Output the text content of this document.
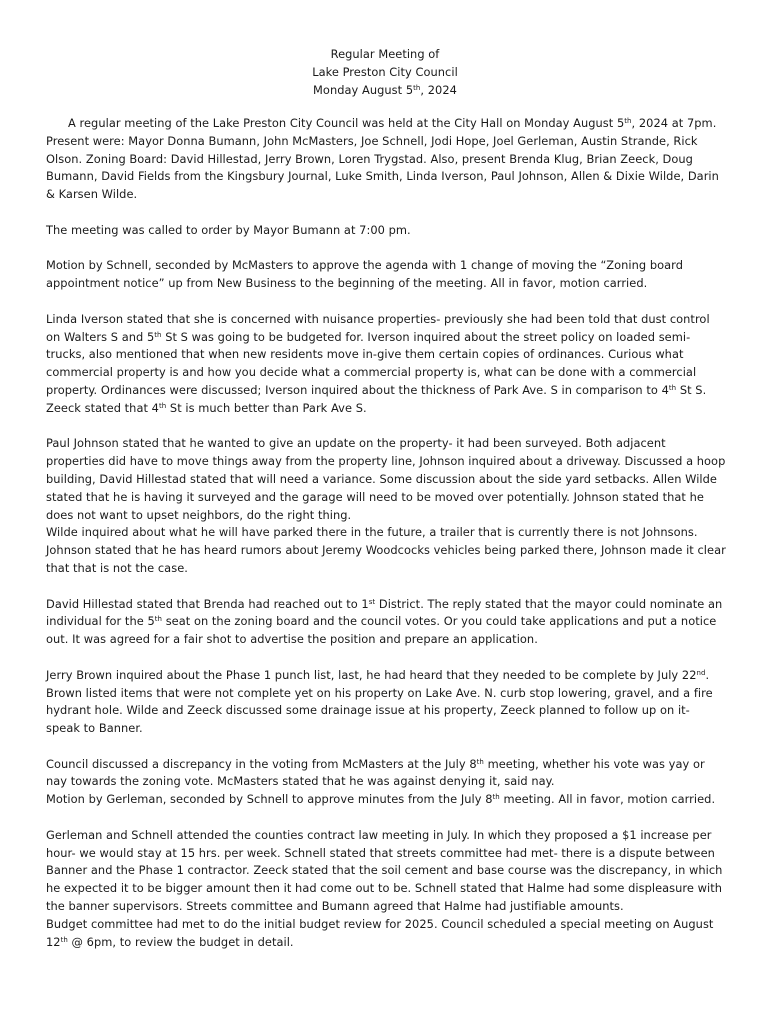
Regular Meeting of
Lake Preston City Council
Monday August 5th, 2024

A regular meeting of the Lake Preston City Council was held at the City Hall on Monday August 5th, 2024 at 7pm. Present were: Mayor Donna Bumann, John McMasters, Joe Schnell, Jodi Hope, Joel Gerleman, Austin Strande, Rick Olson. Zoning Board: David Hillestad, Jerry Brown, Loren Trygstad. Also, present Brenda Klug, Brian Zeeck, Doug Bumann, David Fields from the Kingsbury Journal, Luke Smith, Linda Iverson, Paul Johnson, Allen & Dixie Wilde, Darin & Karsen Wilde.

The meeting was called to order by Mayor Bumann at 7:00 pm.

Motion by Schnell, seconded by McMasters to approve the agenda with 1 change of moving the “Zoning board appointment notice” up from New Business to the beginning of the meeting. All in favor, motion carried.

Linda Iverson stated that she is concerned with nuisance properties- previously she had been told that dust control on Walters S and 5th St S was going to be budgeted for. Iverson inquired about the street policy on loaded semi-trucks, also mentioned that when new residents move in-give them certain copies of ordinances. Curious what commercial property is and how you decide what a commercial property is, what can be done with a commercial property. Ordinances were discussed; Iverson inquired about the thickness of Park Ave. S in comparison to 4th St S. Zeeck stated that 4th St is much better than Park Ave S.

Paul Johnson stated that he wanted to give an update on the property- it had been surveyed. Both adjacent properties did have to move things away from the property line, Johnson inquired about a driveway. Discussed a hoop building, David Hillestad stated that will need a variance. Some discussion about the side yard setbacks. Allen Wilde stated that he is having it surveyed and the garage will need to be moved over potentially. Johnson stated that he does not want to upset neighbors, do the right thing.

Wilde inquired about what he will have parked there in the future, a trailer that is currently there is not Johnsons. Johnson stated that he has heard rumors about Jeremy Woodcocks vehicles being parked there, Johnson made it clear that that is not the case.

David Hillestad stated that Brenda had reached out to 1st District. The reply stated that the mayor could nominate an individual for the 5th seat on the zoning board and the council votes. Or you could take applications and put a notice out. It was agreed for a fair shot to advertise the position and prepare an application.

Jerry Brown inquired about the Phase 1 punch list, last, he had heard that they needed to be complete by July 22nd. Brown listed items that were not complete yet on his property on Lake Ave. N. curb stop lowering, gravel, and a fire hydrant hole. Wilde and Zeeck discussed some drainage issue at his property, Zeeck planned to follow up on it- speak to Banner.

Council discussed a discrepancy in the voting from McMasters at the July 8th meeting, whether his vote was yay or nay towards the zoning vote. McMasters stated that he was against denying it, said nay.

Motion by Gerleman, seconded by Schnell to approve minutes from the July 8th meeting. All in favor, motion carried.

Gerleman and Schnell attended the counties contract law meeting in July. In which they proposed a $1 increase per hour- we would stay at 15 hrs. per week. Schnell stated that streets committee had met- there is a dispute between Banner and the Phase 1 contractor. Zeeck stated that the soil cement and base course was the discrepancy, in which he expected it to be bigger amount then it had come out to be. Schnell stated that Halme had some displeasure with the banner supervisors. Streets committee and Bumann agreed that Halme had justifiable amounts.

Budget committee had met to do the initial budget review for 2025. Council scheduled a special meeting on August 12th @ 6pm, to review the budget in detail.
